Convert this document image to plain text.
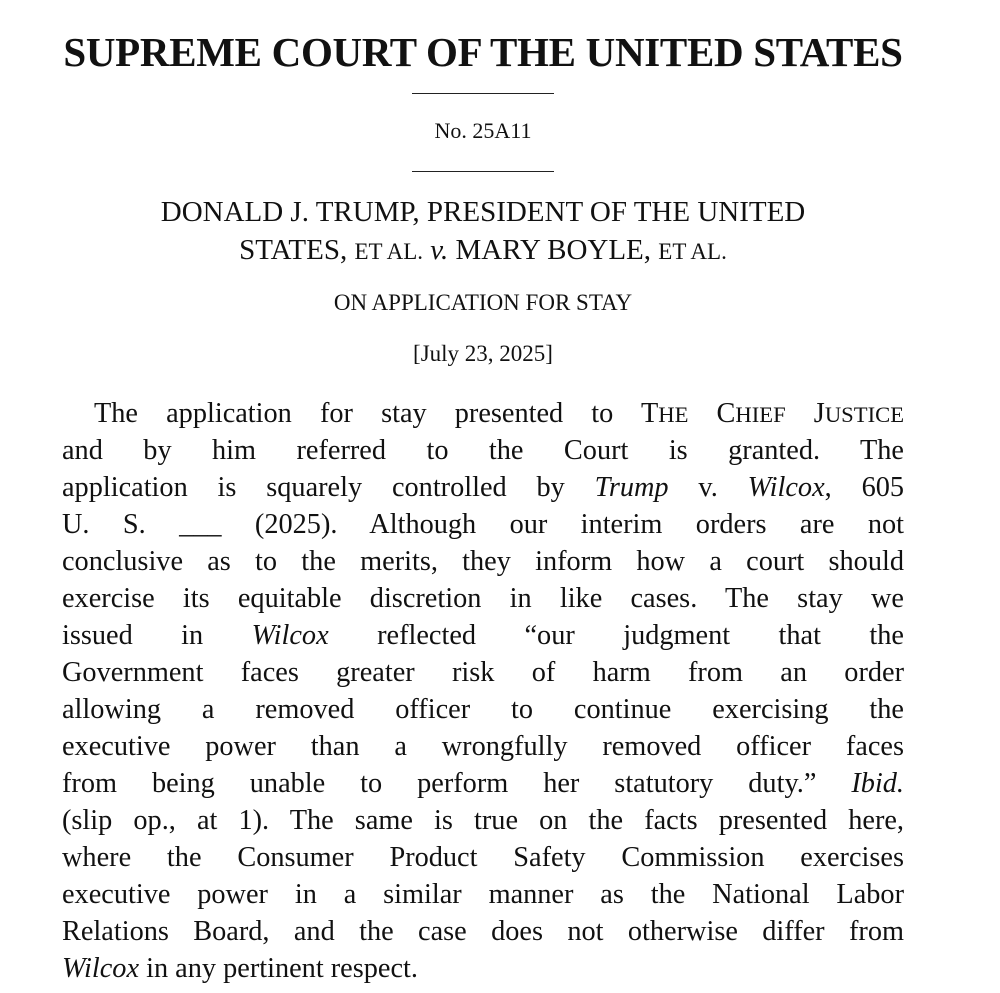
SUPREME COURT OF THE UNITED STATES
No. 25A11
DONALD J. TRUMP, PRESIDENT OF THE UNITED
STATES, ET AL. v. MARY BOYLE, ET AL.
ON APPLICATION FOR STAY
[July 23, 2025]
The application for stay presented to THE CHIEF JUSTICE
and by him referred to the Court is granted. The
application is squarely controlled by Trump v. Wilcox, 605
U. S. ___ (2025). Although our interim orders are not
conclusive as to the merits, they inform how a court should
exercise its equitable discretion in like cases. The stay we
issued in Wilcox reflected “our judgment that the
Government faces greater risk of harm from an order
allowing a removed officer to continue exercising the
executive power than a wrongfully removed officer faces
from being unable to perform her statutory duty.” Ibid.
(slip op., at 1). The same is true on the facts presented here,
where the Consumer Product Safety Commission exercises
executive power in a similar manner as the National Labor
Relations Board, and the case does not otherwise differ from
Wilcox in any pertinent respect.
